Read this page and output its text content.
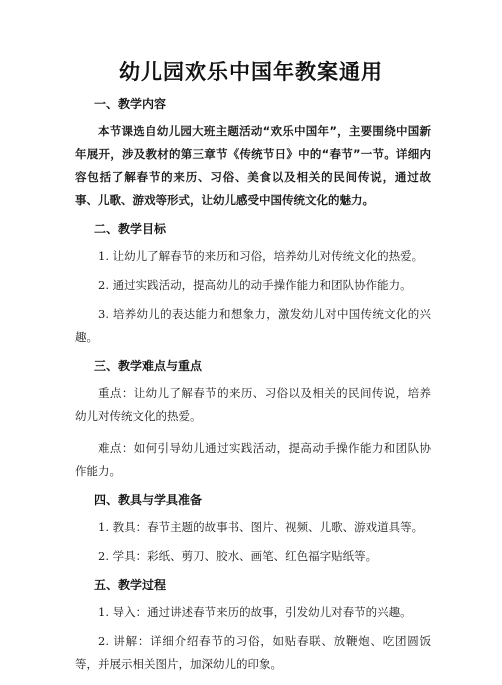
幼儿园欢乐中国年教案通用
一、教学内容
本节课选自幼儿园大班主题活动“欢乐中国年”，主要围绕中国新年展开，涉及教材的第三章节《传统节日》中的“春节”一节。详细内容包括了解春节的来历、习俗、美食以及相关的民间传说，通过故事、儿歌、游戏等形式，让幼儿感受中国传统文化的魅力。
二、教学目标
1. 让幼儿了解春节的来历和习俗，培养幼儿对传统文化的热爱。
2. 通过实践活动，提高幼儿的动手操作能力和团队协作能力。
3. 培养幼儿的表达能力和想象力，激发幼儿对中国传统文化的兴趣。
三、教学难点与重点
重点：让幼儿了解春节的来历、习俗以及相关的民间传说，培养幼儿对传统文化的热爱。
难点：如何引导幼儿通过实践活动，提高动手操作能力和团队协作能力。
四、教具与学具准备
1. 教具：春节主题的故事书、图片、视频、儿歌、游戏道具等。
2. 学具：彩纸、剪刀、胶水、画笔、红色福字贴纸等。
五、教学过程
1. 导入：通过讲述春节来历的故事，引发幼儿对春节的兴趣。
2. 讲解：详细介绍春节的习俗，如贴春联、放鞭炮、吃团圆饭等，并展示相关图片，加深幼儿的印象。
